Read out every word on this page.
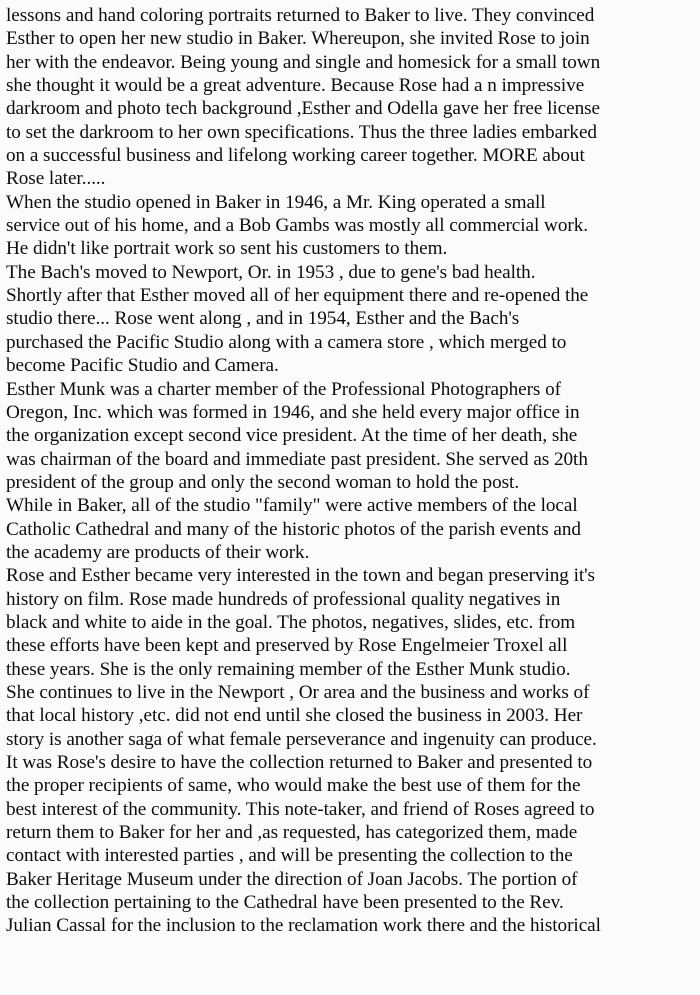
lessons and hand coloring portraits returned to Baker to live. They convinced
Esther to open her new studio in Baker. Whereupon, she invited Rose to join
her with the endeavor. Being young and single and homesick for a small town
she thought it would be a great adventure. Because Rose had a n impressive
darkroom and photo tech background ,Esther and Odella gave her free license
to set the darkroom to her own specifications. Thus the three ladies embarked
on a successful business and lifelong working career together. MORE about
Rose later.....
When the studio opened in Baker in 1946, a Mr. King operated a small
service out of his home, and a Bob Gambs was mostly all commercial work.
He didn't like portrait work so sent his customers to them.
The Bach's moved to Newport, Or. in 1953 , due to gene's bad health.
Shortly after that Esther moved all of her equipment there and re-opened the
studio there... Rose went along , and in 1954, Esther and the Bach's
purchased the Pacific Studio along with a camera store , which merged to
become Pacific Studio and Camera.
Esther Munk was a charter member of the Professional Photographers of
Oregon, Inc. which was formed in 1946, and she held every major office in
the organization except second vice president. At the time of her death, she
was chairman of the board and immediate past president. She served as 20th
president of the group and only the second woman to hold the post.
While in Baker, all of the studio "family" were active members of the local
Catholic Cathedral and many of the historic photos of the parish events and
the academy are products of their work.
Rose and Esther became very interested in the town and began preserving it's
history on film. Rose made hundreds of professional quality negatives in
black and white to aide in the goal. The photos, negatives, slides, etc. from
these efforts have been kept and preserved by Rose Engelmeier Troxel all
these years. She is the only remaining member of the Esther Munk studio.
She continues to live in the Newport , Or area and the business and works of
that local history ,etc. did not end until she closed the business in 2003. Her
story is another saga of what female perseverance and ingenuity can produce.
It was Rose's desire to have the collection returned to Baker and presented to
the proper recipients of same, who would make the best use of them for the
best interest of the community. This note-taker, and friend of Roses agreed to
return them to Baker for her and ,as requested, has categorized them, made
contact with interested parties , and will be presenting the collection to the
Baker Heritage Museum under the direction of Joan Jacobs. The portion of
the collection pertaining to the Cathedral have been presented to the Rev.
Julian Cassal for the inclusion to the reclamation work there and the historical
